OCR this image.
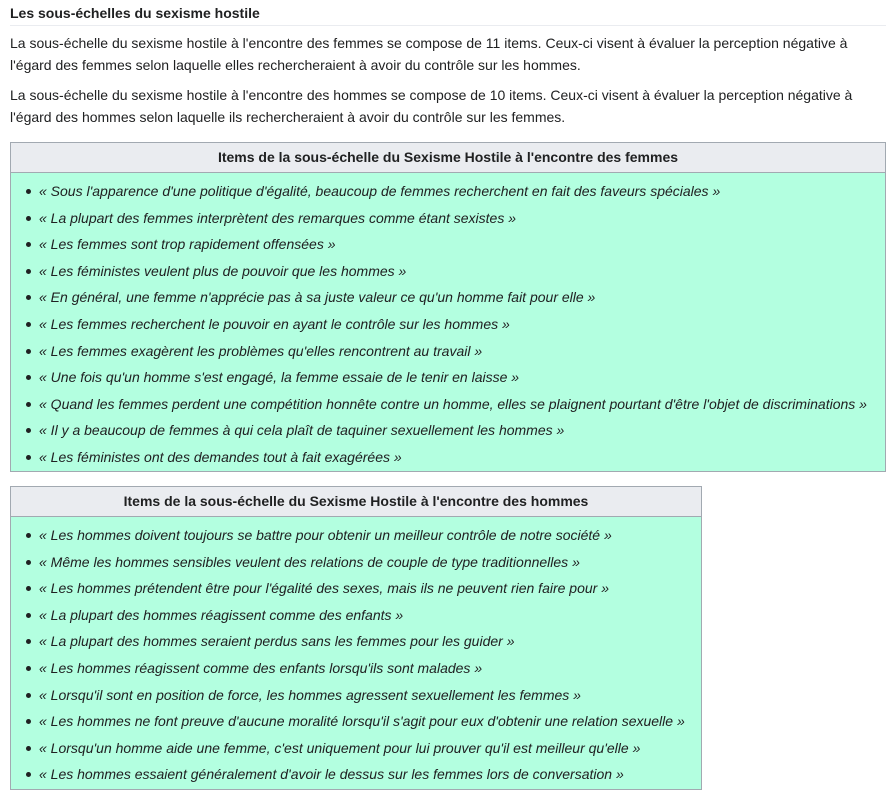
Les sous-échelles du sexisme hostile

La sous-échelle du sexisme hostile à l'encontre des femmes se compose de 11 items. Ceux-ci visent à évaluer la perception négative à l'égard des femmes selon laquelle elles rechercheraient à avoir du contrôle sur les hommes.

La sous-échelle du sexisme hostile à l'encontre des hommes se compose de 10 items. Ceux-ci visent à évaluer la perception négative à l'égard des hommes selon laquelle ils rechercheraient à avoir du contrôle sur les femmes.

Items de la sous-échelle du Sexisme Hostile à l'encontre des femmes
« Sous l'apparence d'une politique d'égalité, beaucoup de femmes recherchent en fait des faveurs spéciales »
« La plupart des femmes interprètent des remarques comme étant sexistes »
« Les femmes sont trop rapidement offensées »
« Les féministes veulent plus de pouvoir que les hommes »
« En général, une femme n'apprécie pas à sa juste valeur ce qu'un homme fait pour elle »
« Les femmes recherchent le pouvoir en ayant le contrôle sur les hommes »
« Les femmes exagèrent les problèmes qu'elles rencontrent au travail »
« Une fois qu'un homme s'est engagé, la femme essaie de le tenir en laisse »
« Quand les femmes perdent une compétition honnête contre un homme, elles se plaignent pourtant d'être l'objet de discriminations »
« Il y a beaucoup de femmes à qui cela plaît de taquiner sexuellement les hommes »
« Les féministes ont des demandes tout à fait exagérées »
Items de la sous-échelle du Sexisme Hostile à l'encontre des hommes
« Les hommes doivent toujours se battre pour obtenir un meilleur contrôle de notre société »
« Même les hommes sensibles veulent des relations de couple de type traditionnelles »
« Les hommes prétendent être pour l'égalité des sexes, mais ils ne peuvent rien faire pour »
« La plupart des hommes réagissent comme des enfants »
« La plupart des hommes seraient perdus sans les femmes pour les guider »
« Les hommes réagissent comme des enfants lorsqu'ils sont malades »
« Lorsqu'il sont en position de force, les hommes agressent sexuellement les femmes »
« Les hommes ne font preuve d'aucune moralité lorsqu'il s'agit pour eux d'obtenir une relation sexuelle »
« Lorsqu'un homme aide une femme, c'est uniquement pour lui prouver qu'il est meilleur qu'elle »
« Les hommes essaient généralement d'avoir le dessus sur les femmes lors de conversation »
